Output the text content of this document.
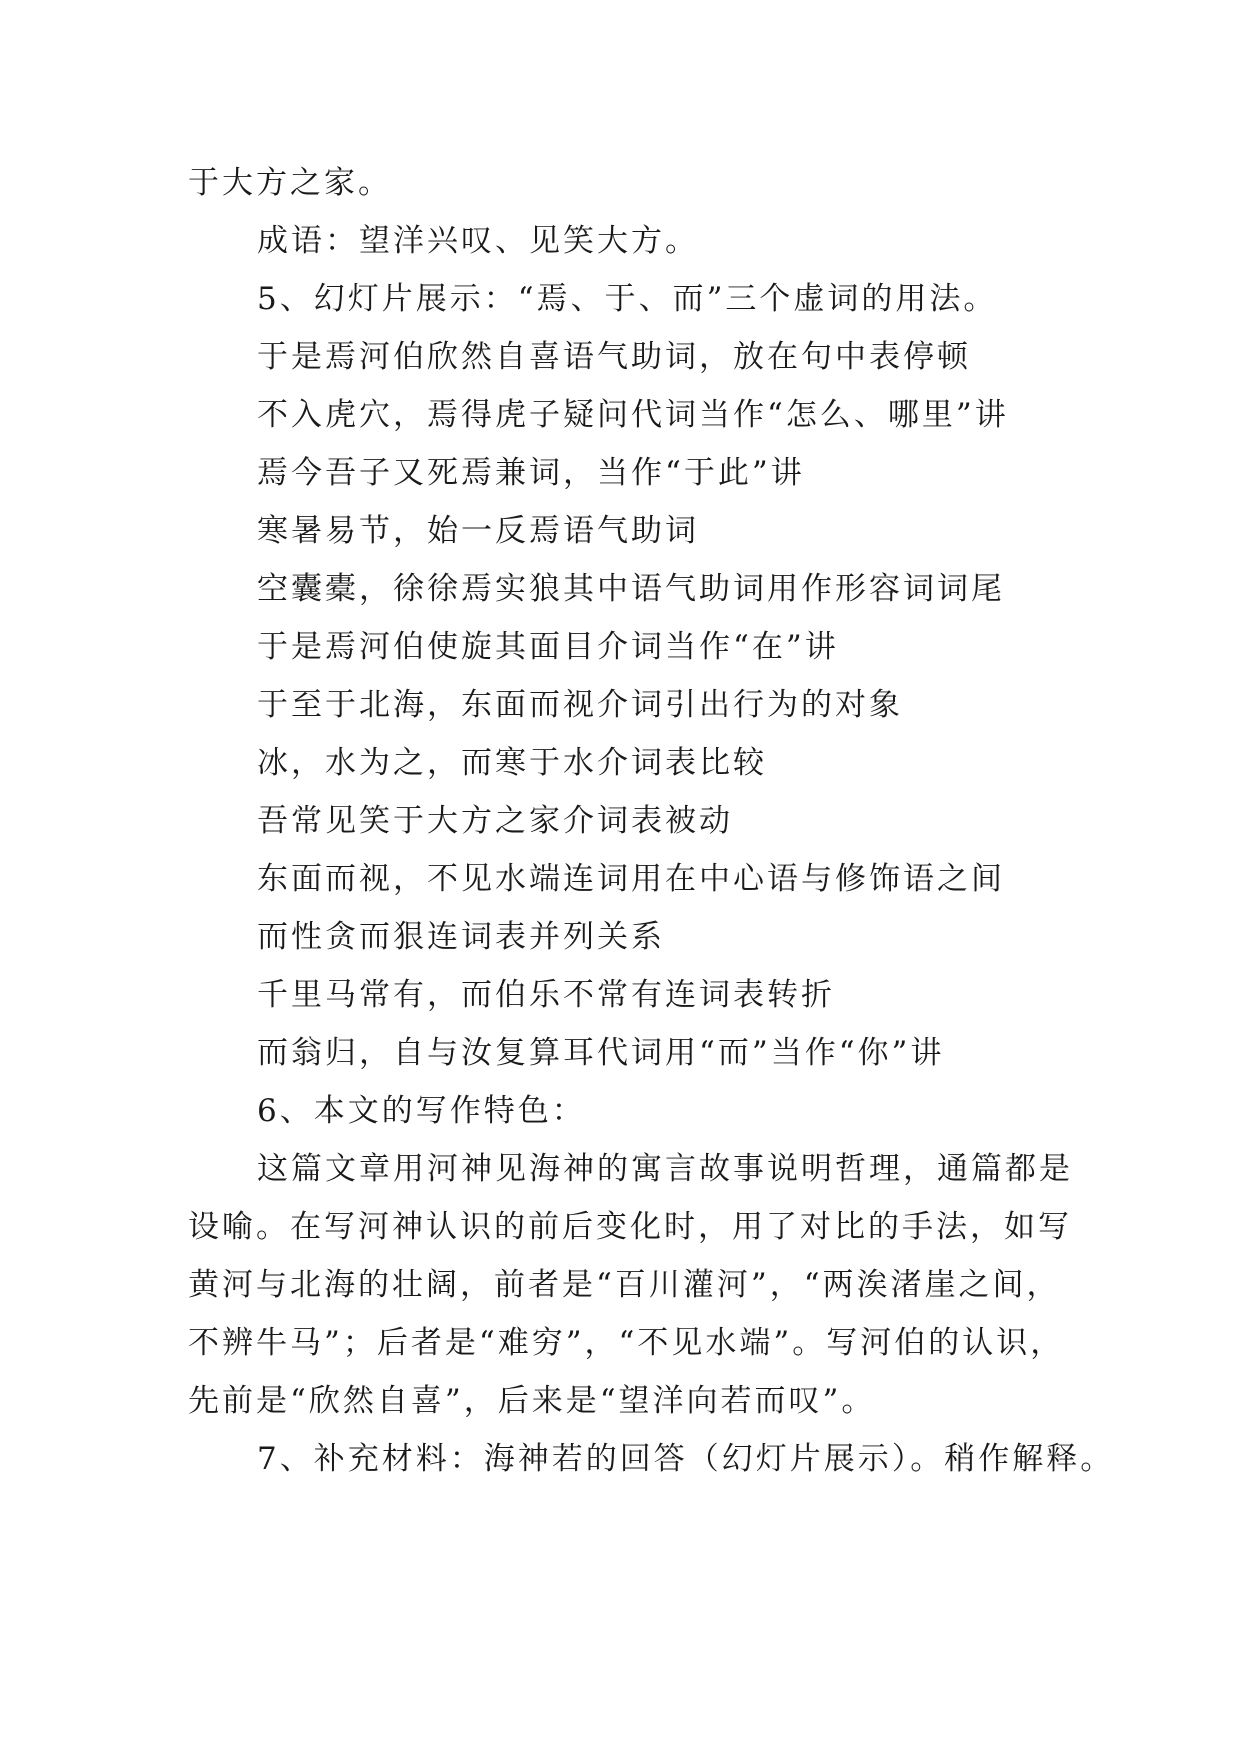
于大方之家。
成语：望洋兴叹、见笑大方。
5、幻灯片展示：“焉、于、而”三个虚词的用法。
于是焉河伯欣然自喜语气助词，放在句中表停顿
不入虎穴，焉得虎子疑问代词当作“怎么、哪里”讲
焉今吾子又死焉兼词，当作“于此”讲
寒暑易节，始一反焉语气助词
空囊橐，徐徐焉实狼其中语气助词用作形容词词尾
于是焉河伯使旋其面目介词当作“在”讲
于至于北海，东面而视介词引出行为的对象
冰，水为之，而寒于水介词表比较
吾常见笑于大方之家介词表被动
东面而视，不见水端连词用在中心语与修饰语之间
而性贪而狠连词表并列关系
千里马常有，而伯乐不常有连词表转折
而翁归，自与汝复算耳代词用“而”当作“你”讲
6、本文的写作特色：
这篇文章用河神见海神的寓言故事说明哲理，通篇都是
设喻。在写河神认识的前后变化时，用了对比的手法，如写
黄河与北海的壮阔，前者是“百川灌河”，“两涘渚崖之间，
不辨牛马”；后者是“难穷”，“不见水端”。写河伯的认识，
先前是“欣然自喜”，后来是“望洋向若而叹”。
7、补充材料：海神若的回答（幻灯片展示）。稍作解释。
